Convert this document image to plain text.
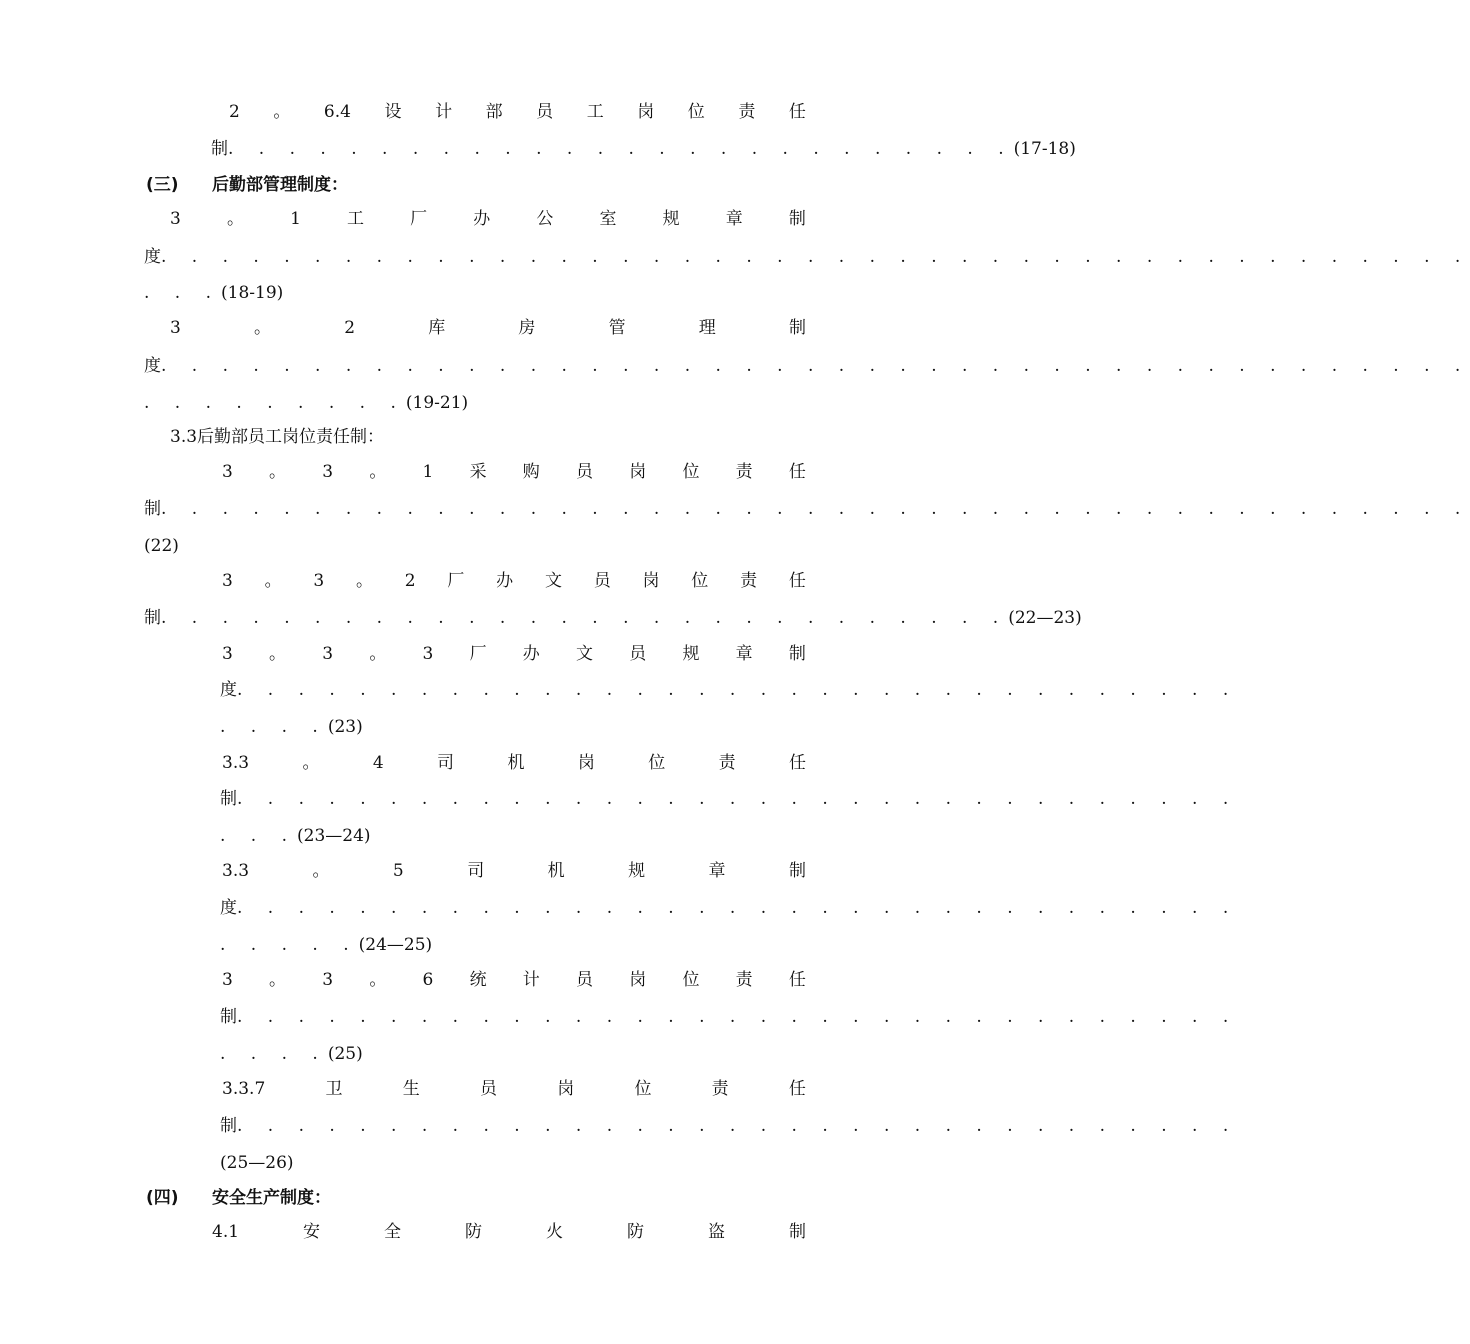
2 。 6.4 设 计 部 员 工 岗 位 责 任
制. . . . . . . . . . . . . . . . . . . . . . . . . .(17-18)
(三) 后勤部管理制度：
3	。	1	工	厂	办	公	室	规	章	制
度. . . . . . . . . . . . . . . . . . . . . . . . . . . . . . . . . . . . . . . . . . .
. . .(18-19)
3	。	2	库	房	管	理	制
度. . . . . . . . . . . . . . . . . . . . . . . . . . . . . . . . . . . . . . . . . . .
. . . . . . . . .(19-21)
3.3后勤部员工岗位责任制：
3 。 3 。 1 采 购 员 岗 位 责 任
制. . . . . . . . . . . . . . . . . . . . . . . . . . . . . . . . . . . . . . . . . . .
(22)
3 。 3 。 2 厂 办 文 员 岗 位 责 任
制. . . . . . . . . . . . . . . . . . . . . . . . . . . .(22—23)
3 。 3 。 3 厂 办 文 员 规 章 制
度. . . . . . . . . . . . . . . . . . . . . . . . . . . . . . . . .
. . . .(23)
3.3	。	4	司	机	岗	位	责	任
制. . . . . . . . . . . . . . . . . . . . . . . . . . . . . . . . .
. . .(23—24)
3.3	。	5	司	机	规	章	制
度. . . . . . . . . . . . . . . . . . . . . . . . . . . . . . . . .
. . . . .(24—25)
3 。 3 。 6 统 计 员 岗 位 责 任
制. . . . . . . . . . . . . . . . . . . . . . . . . . . . . . . . .
. . . .(25)
3.3.7	卫	生	员	岗	位	责	任
制. . . . . . . . . . . . . . . . . . . . . . . . . . . . . . . . .
(25—26)
(四) 安全生产制度：
4.1	安	全	防	火	防	盗	制
